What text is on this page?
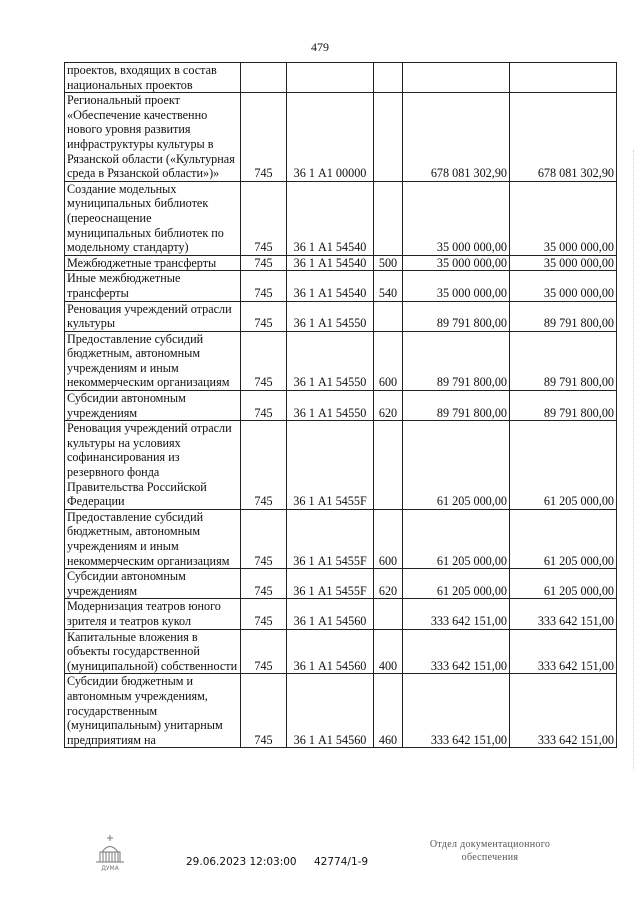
479
проектов, входящих в состав национальных проектов					
Региональный проект «Обеспечение качественно нового уровня развития инфраструктуры культуры в Рязанской области («Культурная среда в Рязанской области»)»	745	36 1 А1 00000		678 081 302,90	678 081 302,90
Создание модельных муниципальных библиотек (переоснащение муниципальных библиотек по модельному стандарту)	745	36 1 А1 54540		35 000 000,00	35 000 000,00
Межбюджетные трансферты	745	36 1 А1 54540	500	35 000 000,00	35 000 000,00
Иные межбюджетные трансферты	745	36 1 А1 54540	540	35 000 000,00	35 000 000,00
Реновация учреждений отрасли культуры	745	36 1 А1 54550		89 791 800,00	89 791 800,00
Предоставление субсидий бюджетным, автономным учреждениям и иным некоммерческим организациям	745	36 1 А1 54550	600	89 791 800,00	89 791 800,00
Субсидии автономным учреждениям	745	36 1 А1 54550	620	89 791 800,00	89 791 800,00
Реновация учреждений отрасли культуры на условиях софинансирования из резервного фонда Правительства Российской Федерации	745	36 1 А1 5455F		61 205 000,00	61 205 000,00
Предоставление субсидий бюджетным, автономным учреждениям и иным некоммерческим организациям	745	36 1 А1 5455F	600	61 205 000,00	61 205 000,00
Субсидии автономным учреждениям	745	36 1 А1 5455F	620	61 205 000,00	61 205 000,00
Модернизация театров юного зрителя и театров кукол	745	36 1 А1 54560		333 642 151,00	333 642 151,00
Капитальные вложения в объекты государственной (муниципальной) собственности	745	36 1 А1 54560	400	333 642 151,00	333 642 151,00
Субсидии бюджетным и автономным учреждениям, государственным (муниципальным) унитарным предприятиям на	745	36 1 А1 54560	460	333 642 151,00	333 642 151,00
ДУМА
29.06.2023 12:03:00 42774/1-9
Отдел документационного
обеспечения
